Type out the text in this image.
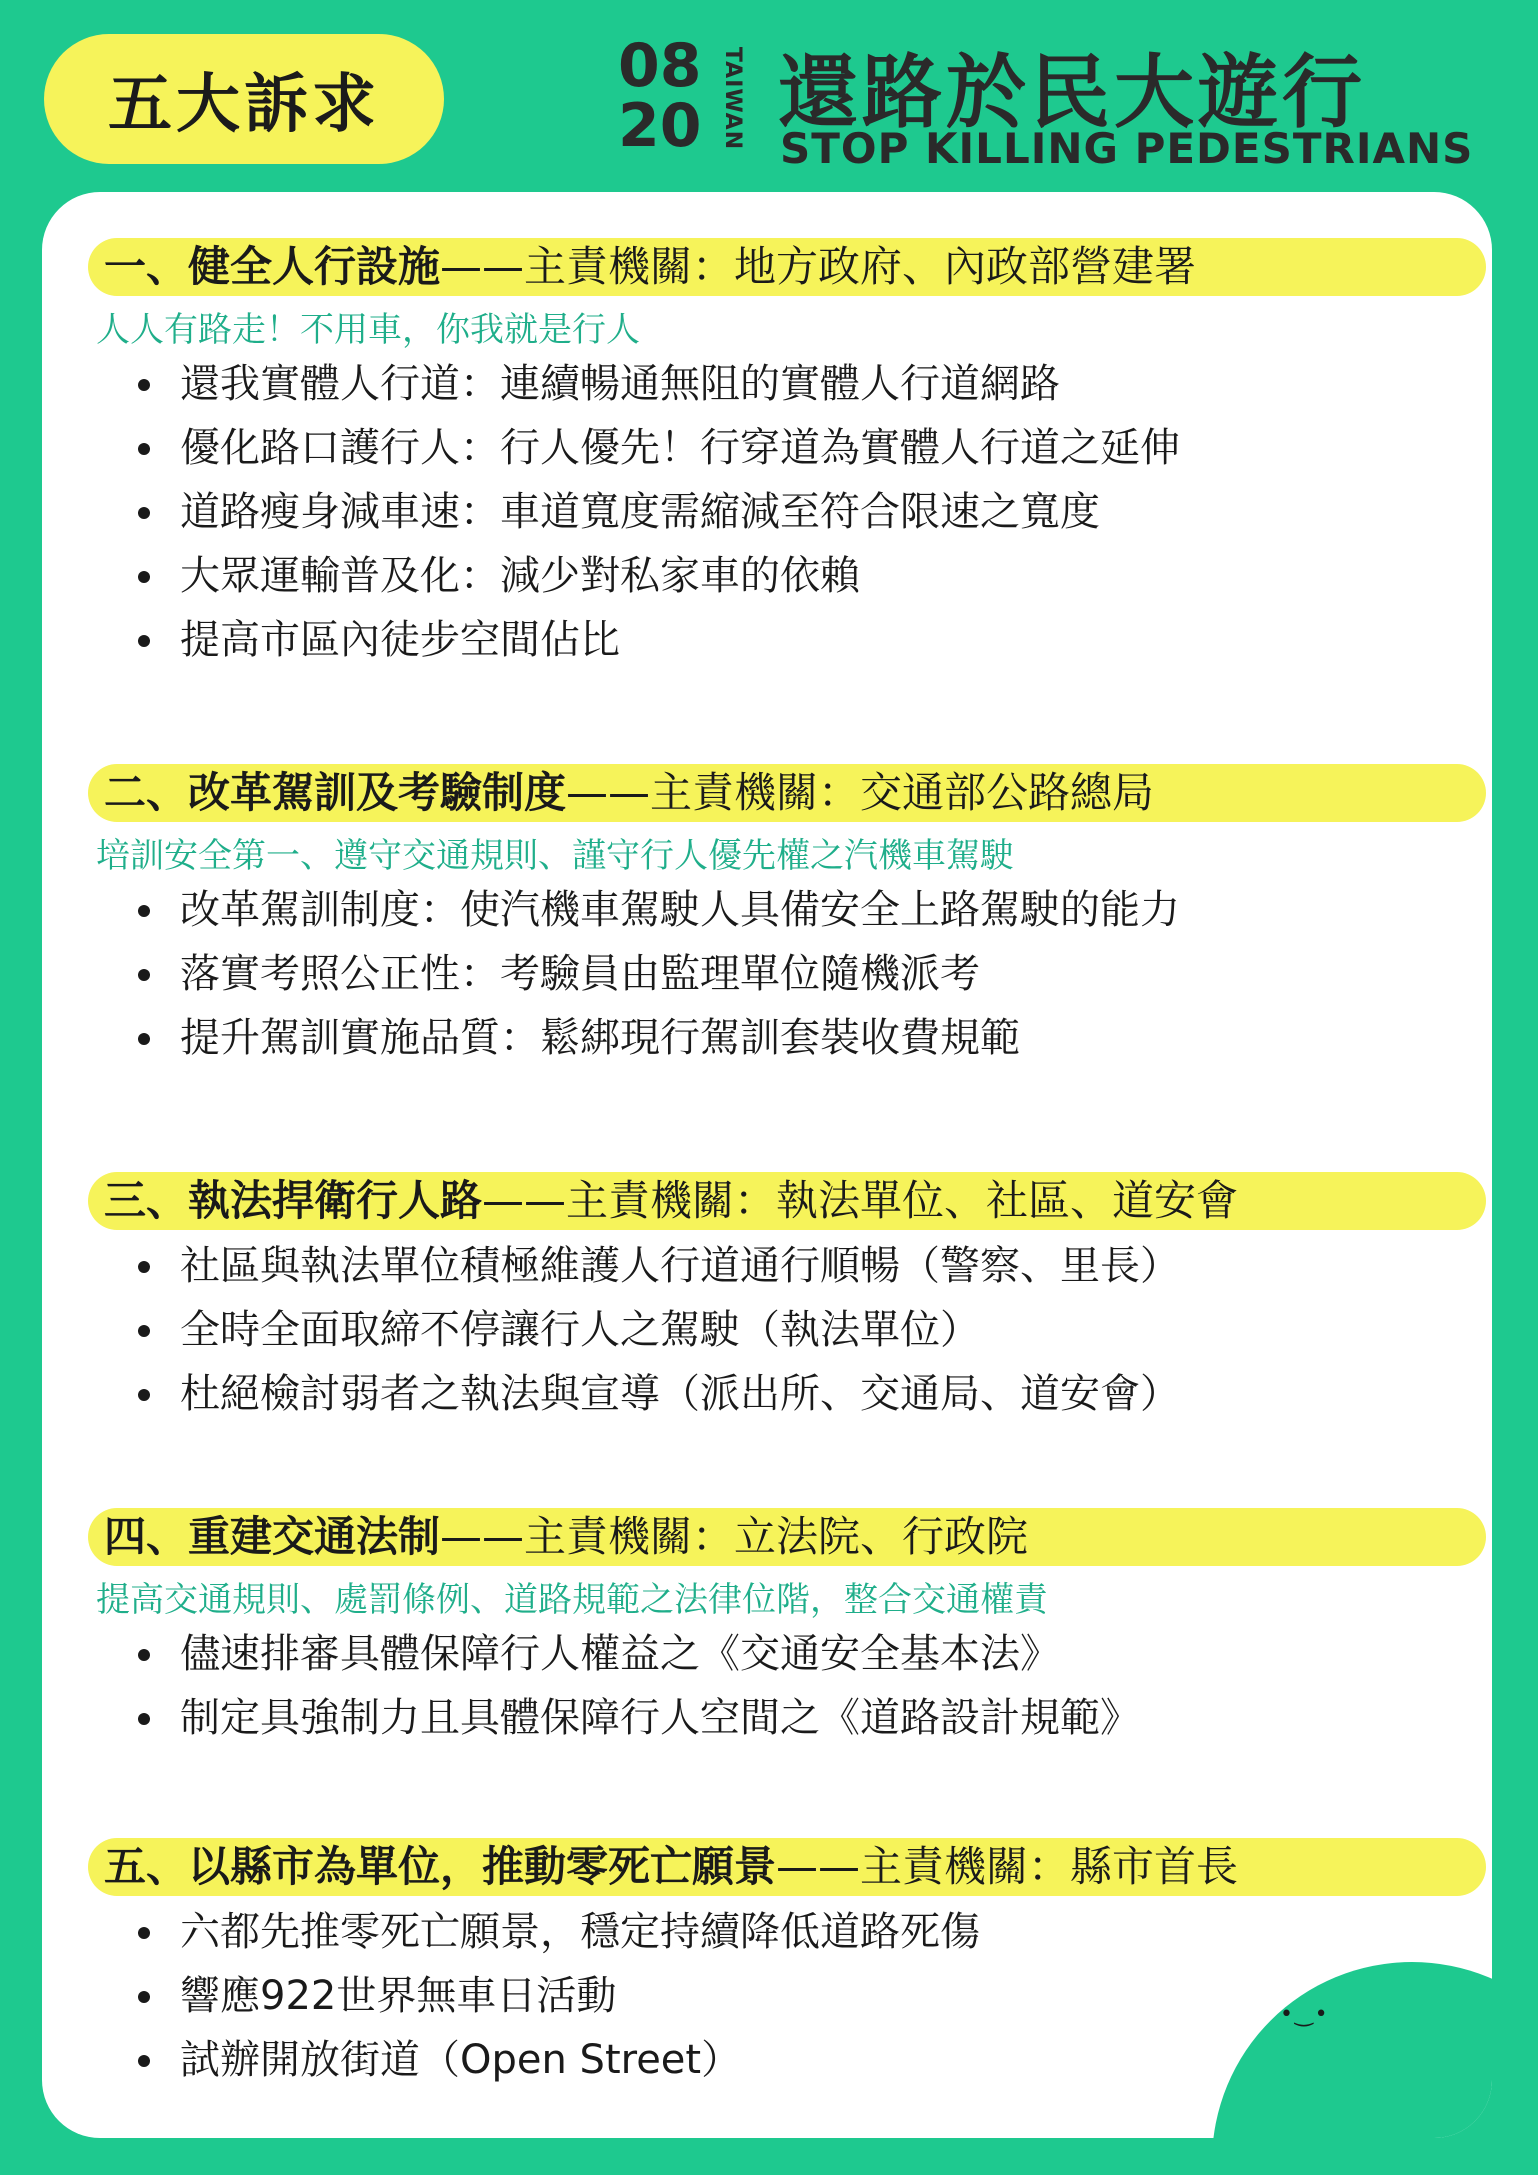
五大訴求
08
20 TAIWAN 還路於民大遊行
STOP KILLING PEDESTRIANS
•‿•
一、健全人行設施——主責機關：地方政府、內政部營建署
人人有路走！不用車，你我就是行人
還我實體人行道：連續暢通無阻的實體人行道網路
優化路口護行人：行人優先！行穿道為實體人行道之延伸
道路瘦身減車速：車道寬度需縮減至符合限速之寬度
大眾運輸普及化：減少對私家車的依賴
提高市區內徒步空間佔比
二、改革駕訓及考驗制度——主責機關：交通部公路總局
培訓安全第一、遵守交通規則、謹守行人優先權之汽機車駕駛
改革駕訓制度：使汽機車駕駛人具備安全上路駕駛的能力
落實考照公正性：考驗員由監理單位隨機派考
提升駕訓實施品質：鬆綁現行駕訓套裝收費規範
三、執法捍衛行人路——主責機關：執法單位、社區、道安會
社區與執法單位積極維護人行道通行順暢（警察、里長）
全時全面取締不停讓行人之駕駛（執法單位）
杜絕檢討弱者之執法與宣導（派出所、交通局、道安會）
四、重建交通法制——主責機關：立法院、行政院
提高交通規則、處罰條例、道路規範之法律位階，整合交通權責
儘速排審具體保障行人權益之《交通安全基本法》
制定具強制力且具體保障行人空間之《道路設計規範》
五、以縣市為單位，推動零死亡願景——主責機關：縣市首長
六都先推零死亡願景，穩定持續降低道路死傷
響應922世界無車日活動
試辦開放街道（Open Street）
